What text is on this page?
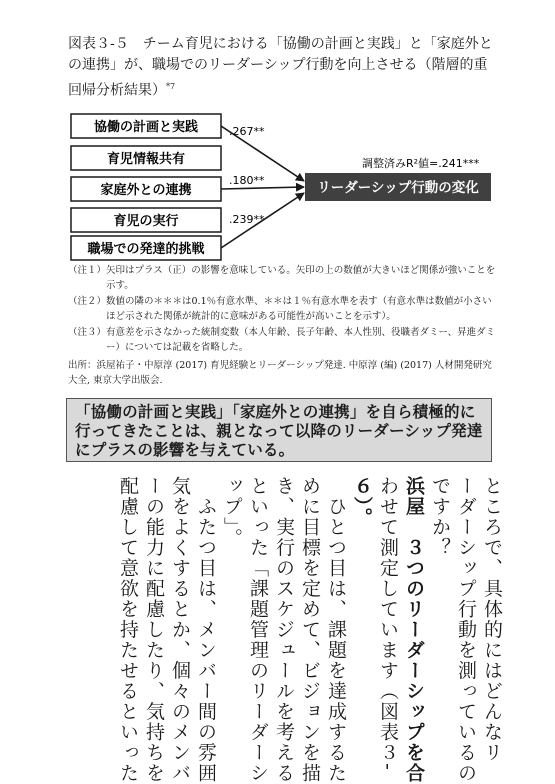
図表３-５　 チーム育児における「協働の計画と実践」と「家庭外との連携」が、職場でのリーダーシップ行動を向上させる（階層的重回帰分析結果）$^{*7}$
協働の計画と実践
育児情報共有
家庭外との連携
育児の実行
職場での発達的挑戦
.267**
.180**
.239**
調整済みR²値=.241***
リーダーシップ行動の変化
（注１） 矢印はプラス（正）の影響を意味している。矢印の上の数値が大きいほど関係が強いことを示す。
（注２） 数値の隣の＊＊＊は0.1％有意水準、＊＊は１％有意水準を表す（有意水準は数値が小さいほど示された関係が統計的に意味がある可能性が高いことを示す）。
（注３） 有意差を示さなかった統制変数（本人年齢、長子年齢、本人性別、役職者ダミー、昇進ダミー）については記載を省略した。
出所：浜屋祐子・中原淳 (2017) 育児経験とリーダーシップ発達. 中原淳 (編) (2017) 人材開発研究大全, 東京大学出版会.
「協働の計画と実践」「家庭外との連携」を自ら積極的に行ってきたことは、親となって以降のリーダーシップ発達にプラスの影響を与えている。
ところで、具体的にはどんなリ
ーダーシップ行動を測っているの
ですか？
浜屋　３つのリーダーシップを合
わせて測定しています（図表３-
６）。
　ひとつ目は、課題を達成するた
めに目標を定めて、ビジョンを描
き、実行のスケジュールを考える
といった「課題管理のリーダーシ
ップ」。
　ふたつ目は、メンバー間の雰囲
気をよくするとか、個々のメンバ
ーの能力に配慮したり、気持ちを
配慮して意欲を持たせるといった
